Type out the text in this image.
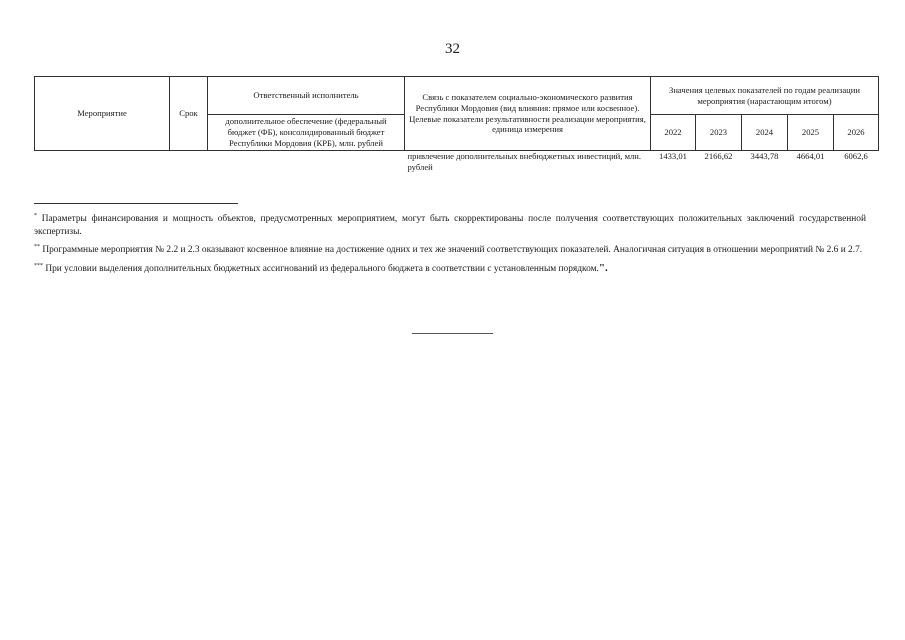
32
Мероприятие	Срок	Ответственный исполнитель	Связь с показателем социально-экономического развития Республики Мордовия (вид влияния: прямое или косвенное). Целевые показатели результативности реализации мероприятия, единица измерения	Значения целевых показателей по годам реализации мероприятия (нарастающим итогом)				
		дополнительное обеспечение (федеральный бюджет (ФБ), консолидированный бюджет Республики Мордовия (КРБ), млн. рублей		2022	2023	2024	2025	2026
			привлечение дополнительных внебюджетных инвестиций, млн. рублей	1433,01	2166,62	3443,78	4664,01	6062,6

* Параметры финансирования и мощность объектов, предусмотренных мероприятием, могут быть скорректированы после получения соответствующих положительных заключений государственной экспертизы.

** Программные мероприятия № 2.2 и 2.3 оказывают косвенное влияние на достижение одних и тех же значений соответствующих показателей. Аналогичная ситуация в отношении мероприятий № 2.6 и 2.7.

*** При условии выделения дополнительных бюджетных ассигнований из федерального бюджета в соответствии с установленным порядком.".
